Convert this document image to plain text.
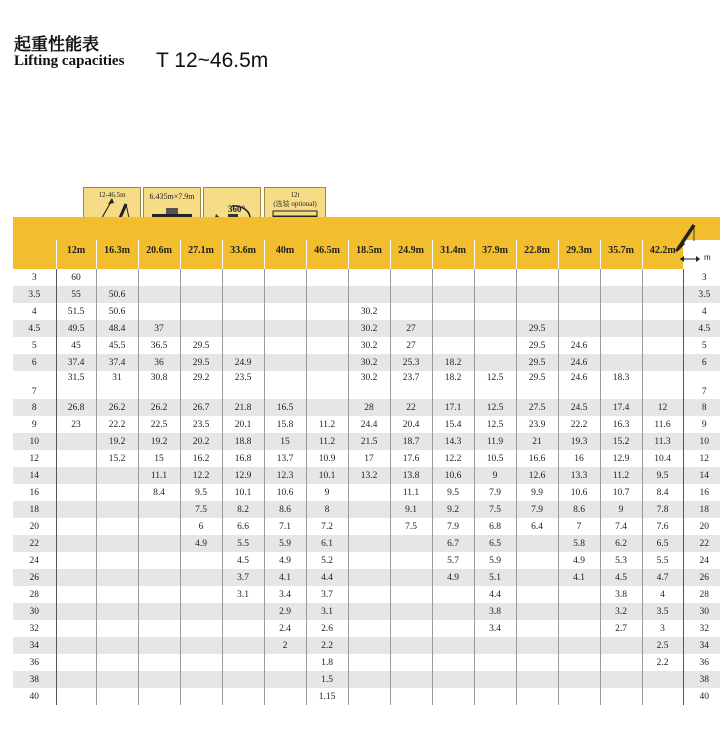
起重性能表
Lifting capacities T 12~46.5m
12-46.5m	6.435m×7.9m
360°
12t
(选装 optional)

	12m	16.3m	20.6m	27.1m	33.6m	40m	46.5m	18.5m	24.9m	31.4m	37.9m	22.8m	29.3m	35.7m	42.2m	
3	60															3
3.5	55	50.6														3.5
4	51.5	50.6						30.2								4
4.5	49.5	48.4	37					30.2	27			29.5				4.5
5	45	45.5	36.5	29.5				30.2	27			29.5	24.6			5
6	37.4	37.4	36	29.5	24.9			30.2	25.3	18.2		29.5	24.6			6
7	31.5	31	30.8	29.2	23.5			30.2	23.7	18.2	12.5	29.5	24.6	18.3		7
8	26.8	26.2	26.2	26.7	21.8	16.5		28	22	17.1	12.5	27.5	24.5	17.4	12	8
9	23	22.2	22.5	23.5	20.1	15.8	11.2	24.4	20.4	15.4	12.5	23.9	22.2	16.3	11.6	9
10		19.2	19.2	20.2	18.8	15	11.2	21.5	18.7	14.3	11.9	21	19.3	15.2	11.3	10
12		15.2	15	16.2	16.8	13.7	10.9	17	17.6	12.2	10.5	16.6	16	12.9	10.4	12
14			11.1	12.2	12.9	12.3	10.1	13.2	13.8	10.6	9	12.6	13.3	11.2	9.5	14
16			8.4	9.5	10.1	10.6	9		11.1	9.5	7.9	9.9	10.6	10.7	8.4	16
18				7.5	8.2	8.6	8		9.1	9.2	7.5	7.9	8.6	9	7.8	18
20				6	6.6	7.1	7.2		7.5	7.9	6.8	6.4	7	7.4	7.6	20
22				4.9	5.5	5.9	6.1			6.7	6.5		5.8	6.2	6.5	22
24					4.5	4.9	5.2			5.7	5.9		4.9	5.3	5.5	24
26					3.7	4.1	4.4			4.9	5.1		4.1	4.5	4.7	26
28					3.1	3.4	3.7				4.4			3.8	4	28
30						2.9	3.1				3.8			3.2	3.5	30
32						2.4	2.6				3.4			2.7	3	32
34						2	2.2								2.5	34
36							1.8								2.2	36
38							1.5									38
40							1.15									40
m
